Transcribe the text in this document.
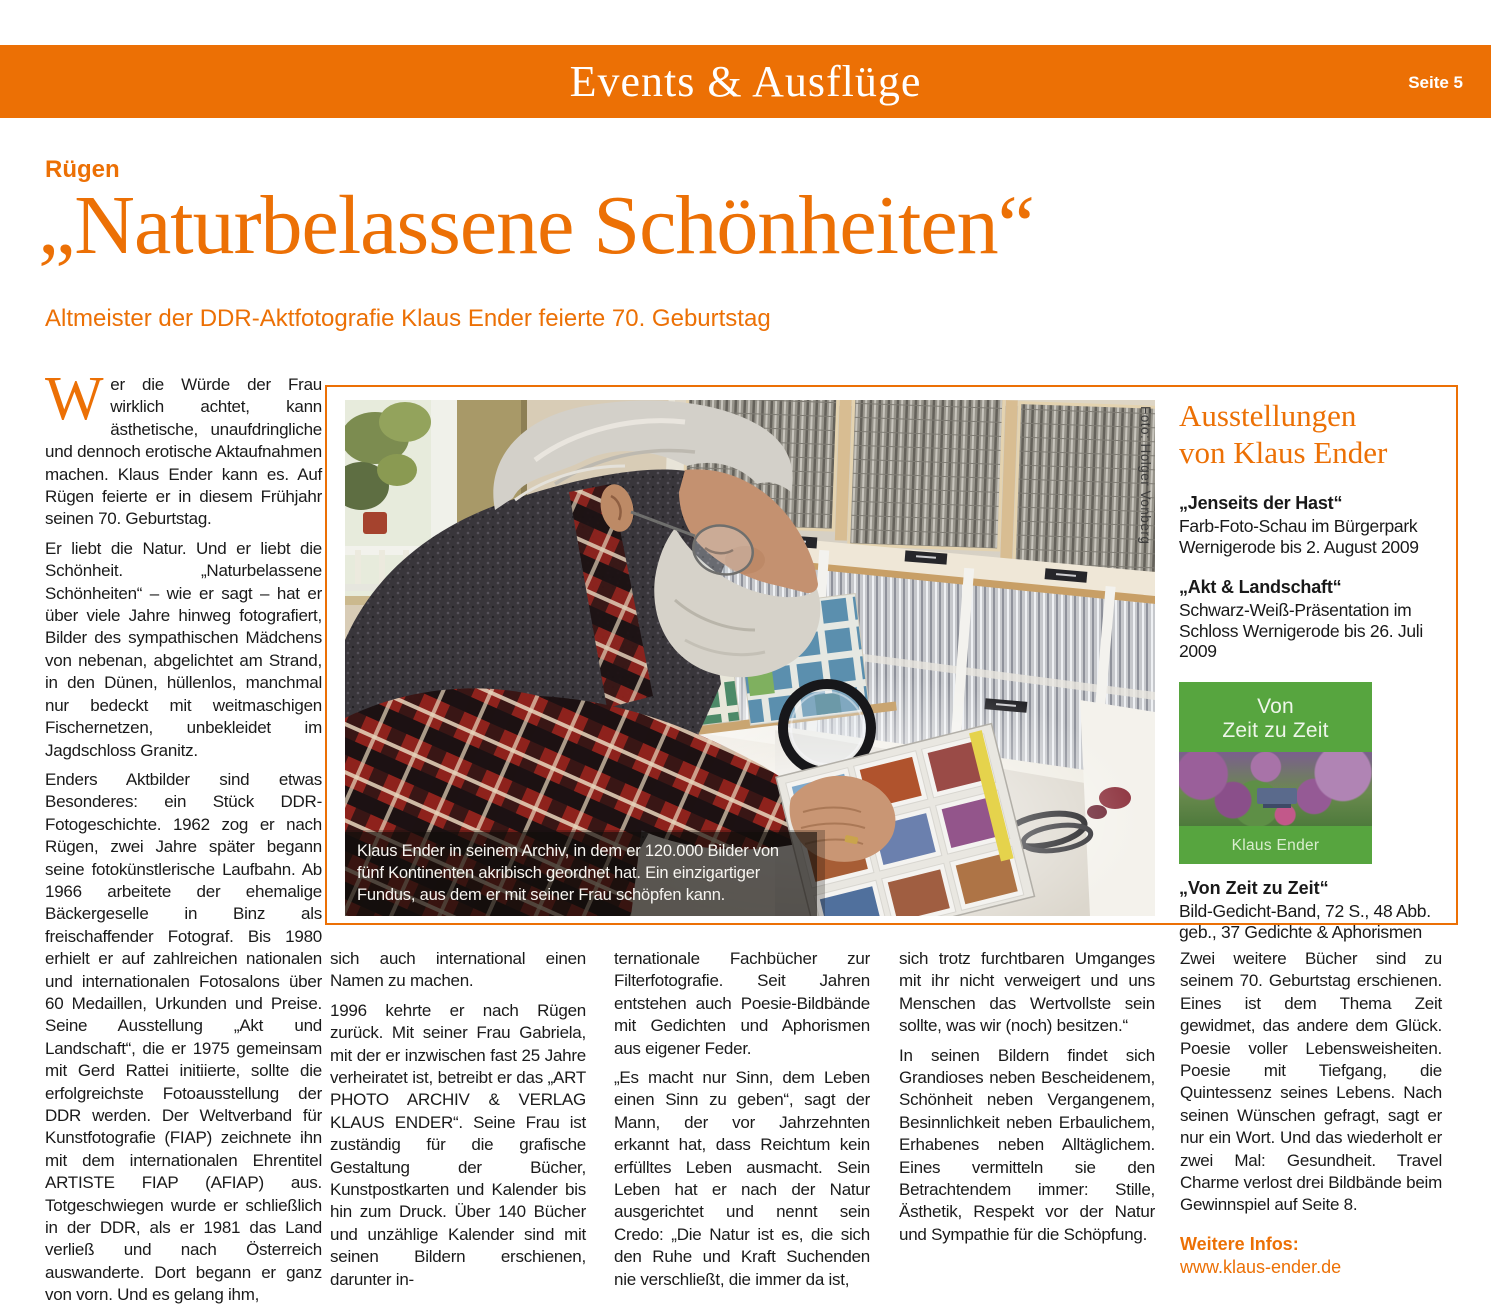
Events & Ausflüge	Seite 5
Rügen
„Naturbelassene Schönheiten“
Altmeister der DDR-Aktfotografie Klaus Ender feierte 70. Geburtstag

Wer die Würde der Frau wirklich achtet, kann ästhetische, unaufdringliche und dennoch erotische Aktaufnahmen machen. Klaus Ender kann es. Auf Rügen feierte er in diesem Frühjahr seinen 70. Geburtstag.

Er liebt die Natur. Und er liebt die Schönheit. „Naturbelassene Schönheiten“ – wie er sagt – hat er über viele Jahre hinweg fotografiert, Bilder des sympathischen Mädchens von nebenan, abgelichtet am Strand, in den Dünen, hüllenlos, manchmal nur bedeckt mit weitmaschigen Fischernetzen, unbekleidet im Jagdschloss Granitz.

Enders Aktbilder sind etwas Besonderes: ein Stück DDR-Fotogeschichte. 1962 zog er nach Rügen, zwei Jahre später begann seine fotokünstlerische Laufbahn. Ab 1966 arbeitete der ehemalige Bäckergeselle in Binz als freischaffender Fotograf. Bis 1980 erhielt er auf zahlreichen nationalen und internationalen Fotosalons über 60 Medaillen, Urkunden und Preise. Seine Ausstellung „Akt und Landschaft“, die er 1975 gemeinsam mit Gerd Rattei initiierte, sollte die erfolgreichste Fotoausstellung der DDR werden. Der Weltverband für Kunstfotografie (FIAP) zeichnete ihn mit dem internationalen Ehrentitel ARTISTE FIAP (AFIAP) aus. Totgeschwiegen wurde er schließlich in der DDR, als er 1981 das Land verließ und nach Österreich auswanderte. Dort begann er ganz von vorn. Und es gelang ihm,

Foto: Holger Vonberg
Klaus Ender in seinem Archiv, in dem er 120.000 Bilder von fünf Kontinenten akribisch geordnet hat. Ein einzigartiger Fundus, aus dem er mit seiner Frau schöpfen kann.
Ausstellungen
von Klaus Ender
„Jenseits der Hast“
Farb-Foto-Schau im Bürgerpark Wernigerode bis 2. August 2009
„Akt & Landschaft“
Schwarz-Weiß-Präsentation im Schloss Wernigerode bis 26. Juli 2009
Von
Zeit zu Zeit
Klaus Ender
„Von Zeit zu Zeit“
Bild-Gedicht-Band, 72 S., 48 Abb. geb., 37 Gedichte & Aphorismen

sich auch international einen Namen zu machen.

1996 kehrte er nach Rügen zurück. Mit seiner Frau Gabriela, mit der er inzwischen fast 25 Jahre verheiratet ist, betreibt er das „ART PHOTO ARCHIV & VERLAG KLAUS ENDER“. Seine Frau ist zuständig für die grafische Gestaltung der Bücher, Kunstpostkarten und Kalender bis hin zum Druck. Über 140 Bücher und unzählige Kalender sind mit seinen Bildern erschienen, darunter in-

ternationale Fachbücher zur Filterfotografie. Seit Jahren entstehen auch Poesie-Bildbände mit Gedichten und Aphorismen aus eigener Feder.

„Es macht nur Sinn, dem Leben einen Sinn zu geben“, sagt der Mann, der vor Jahrzehnten erkannt hat, dass Reichtum kein erfülltes Leben ausmacht. Sein Leben hat er nach der Natur ausgerichtet und nennt sein Credo: „Die Natur ist es, die sich den Ruhe und Kraft Suchenden nie verschließt, die immer da ist,

sich trotz furchtbaren Umganges mit ihr nicht verweigert und uns Menschen das Wertvollste sein sollte, was wir (noch) besitzen.“

In seinen Bildern findet sich Grandioses neben Bescheidenem, Schönheit neben Vergangenem, Besinnlichkeit neben Erbaulichem, Erhabenes neben Alltäglichem. Eines vermitteln sie den Betrachtendem immer: Stille, Ästhetik, Respekt vor der Natur und Sympathie für die Schöpfung.

Zwei weitere Bücher sind zu seinem 70. Geburtstag erschienen. Eines ist dem Thema Zeit gewidmet, das andere dem Glück. Poesie voller Lebensweisheiten. Poesie mit Tiefgang, die Quintessenz seines Lebens. Nach seinen Wünschen gefragt, sagt er nur ein Wort. Und das wiederholt er zwei Mal: Gesundheit. Travel Charme verlost drei Bildbände beim Gewinnspiel auf Seite 8.

Weitere Infos:
www.klaus-ender.de
